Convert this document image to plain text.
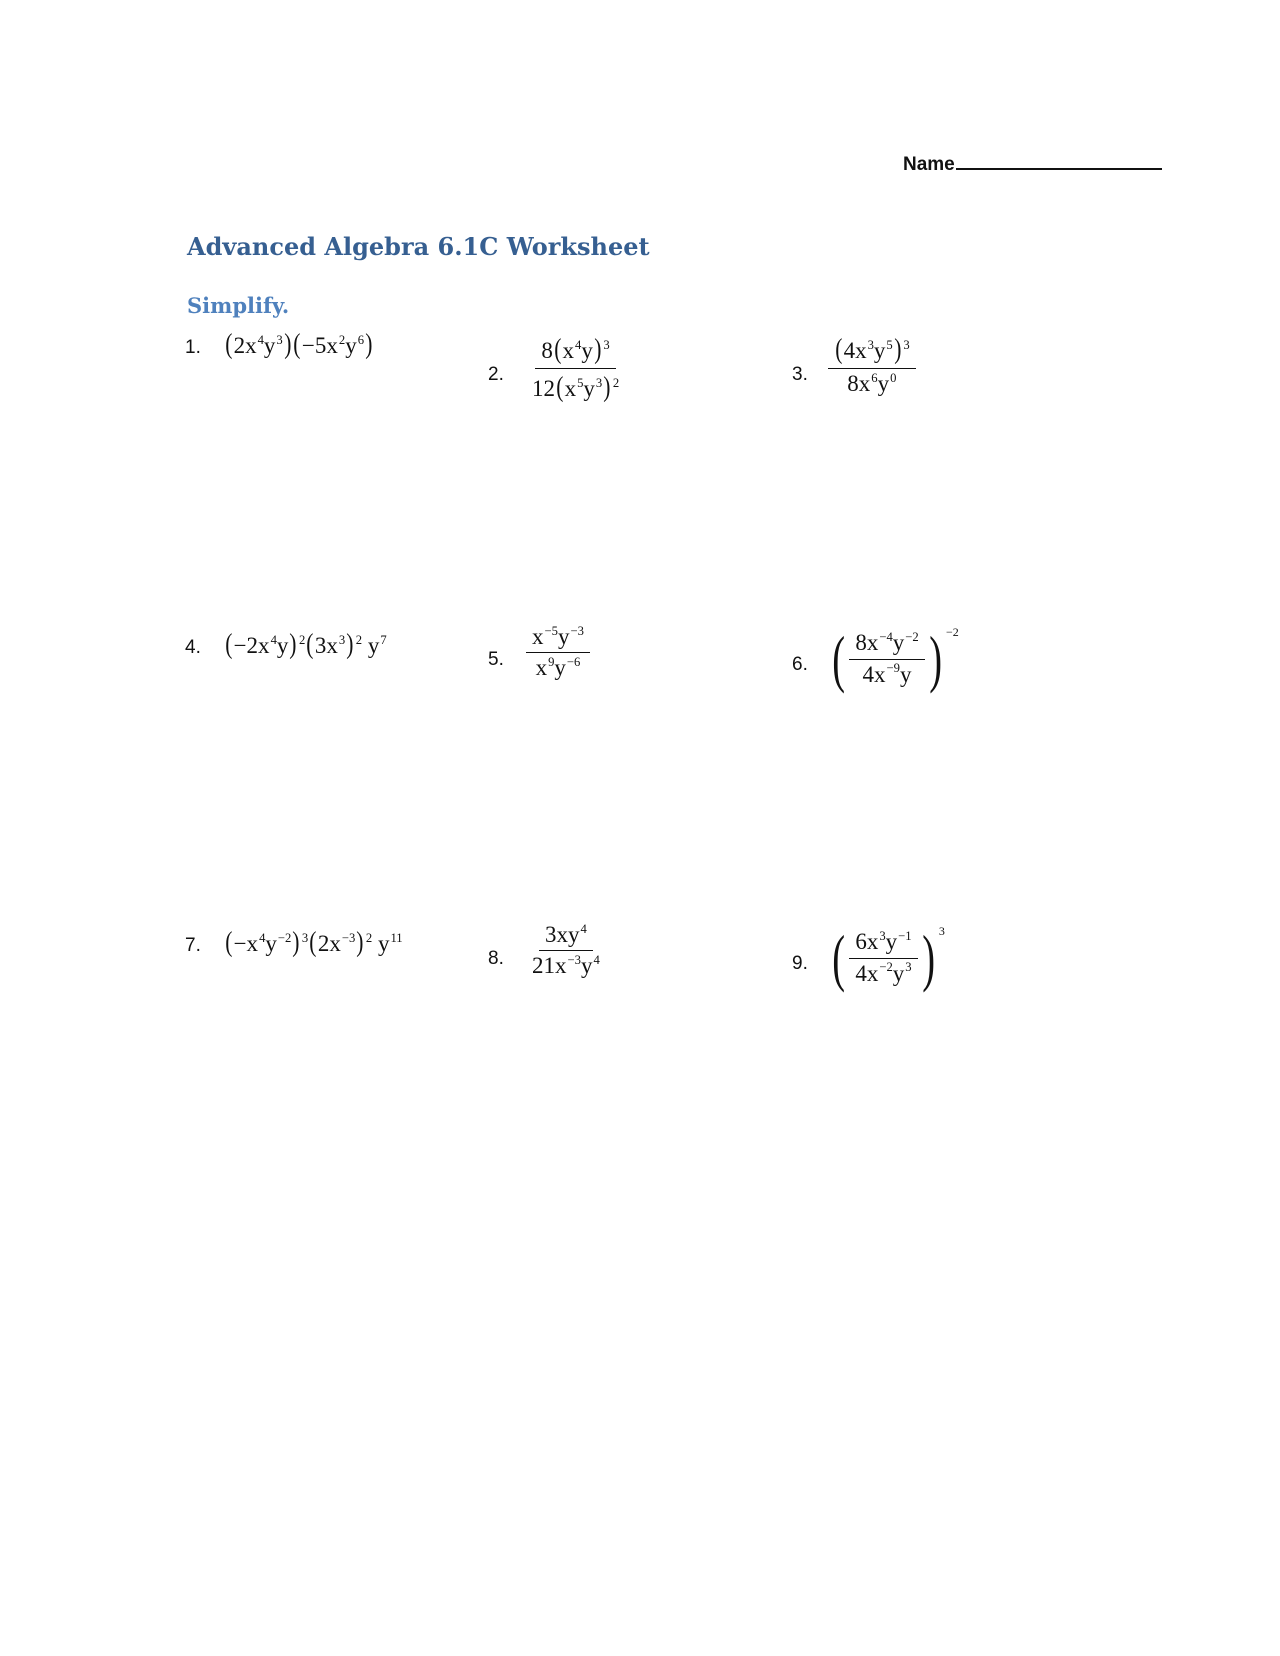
Name
Advanced Algebra 6.1C Worksheet
Simplify.
1. $(2x^4y^3)(-5x^2y^6)$
2. $\frac{8(x^4y) ^3}{12(x^5y^3) ^2}$	3. $\frac{(4x^3y^5) ^3}{8x^6y^0}$
4. $(-2x^4y)$ $^2(3x^3)$ $^2$ $y^7$
5. $\frac{x^{-5}y^{-3}}{x^9y^{-6}}$	6. ( $\frac{8x^{-4}y^{-2}}{4x^{-9}y}$ ) −2
7. $(-x^4y^{-2})$ $^3(2x^{-3})$ $^2$ $y^{11}$
8. $\frac{3xy^4}{21x^{-3}y^4}$	9. ( $\frac{6x^3y^{-1}}{4x^{-2}y^3}$ ) 3
